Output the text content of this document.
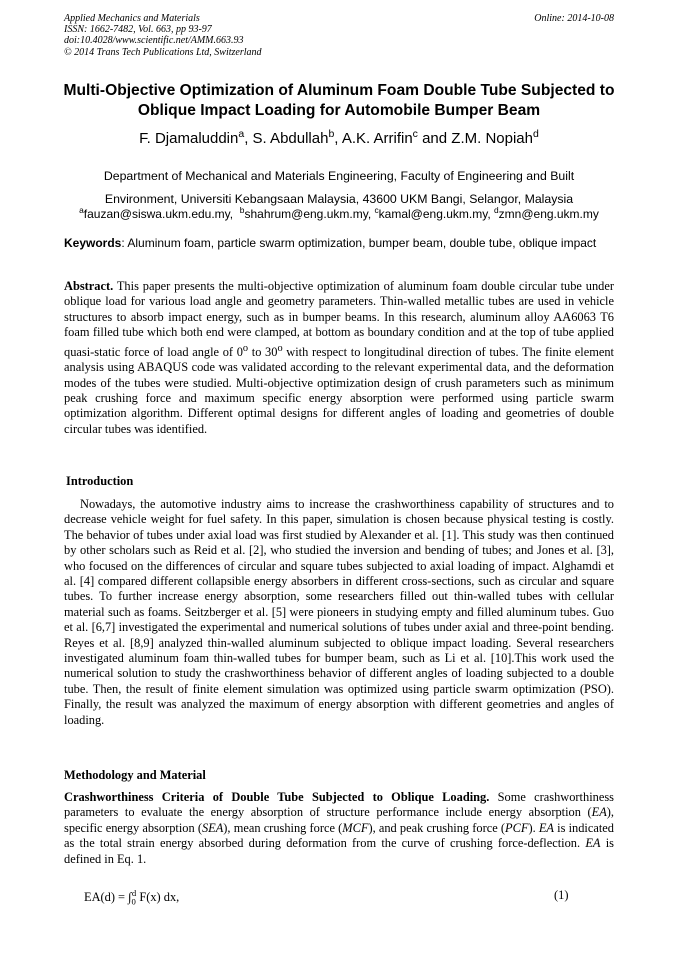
Applied Mechanics and Materials
ISSN: 1662-7482, Vol. 663, pp 93-97
doi:10.4028/www.scientific.net/AMM.663.93
© 2014 Trans Tech Publications Ltd, Switzerland
Online: 2014-10-08
Multi-Objective Optimization of Aluminum Foam Double Tube Subjected to Oblique Impact Loading for Automobile Bumper Beam
F. Djamaluddin$^a$, S. Abdullah$^b$, A.K. Arrifin$^c$ and Z.M. Nopiah$^d$
Department of Mechanical and Materials Engineering, Faculty of Engineering and Built
Environment, Universiti Kebangsaan Malaysia, 43600 UKM Bangi, Selangor, Malaysia
$^a$fauzan@siswa.ukm.edu.my,  $^b$shahrum@eng.ukm.my, $^c$kamal@eng.ukm.my, $^d$zmn@eng.ukm.my
Keywords: Aluminum foam, particle swarm optimization, bumper beam, double tube, oblique impact
Abstract. This paper presents the multi-objective optimization of aluminum foam double circular tube under oblique load for various load angle and geometry parameters. Thin-walled metallic tubes are used in vehicle structures to absorb impact energy, such as in bumper beams. In this research, aluminum alloy AA6063 T6 foam filled tube which both end were clamped, at bottom as boundary condition and at the top of tube applied quasi-static force of load angle of 0$^o$ to 30$^o$ with respect to longitudinal direction of tubes. The finite element analysis using ABAQUS code was validated according to the relevant experimental data, and the deformation modes of the tubes were studied. Multi-objective optimization design of crush parameters such as minimum peak crushing force and maximum specific energy absorption were performed using particle swarm optimization algorithm. Different optimal designs for different angles of loading and geometries of double circular tubes was identified.
Introduction
Nowadays, the automotive industry aims to increase the crashworthiness capability of structures and to decrease vehicle weight for fuel safety. In this paper, simulation is chosen because physical testing is costly. The behavior of tubes under axial load was first studied by Alexander et al. [1]. This study was then continued by other scholars such as Reid et al. [2], who studied the inversion and bending of tubes; and Jones et al. [3], who focused on the differences of circular and square tubes subjected to axial loading of impact. Alghamdi et al. [4] compared different collapsible energy absorbers in different cross-sections, such as circular and square tubes. To further increase energy absorption, some researchers filled out thin-walled tubes with cellular material such as foams. Seitzberger et al. [5] were pioneers in studying empty and filled aluminum tubes. Guo et al. [6,7] investigated the experimental and numerical solutions of tubes under axial and three-point bending. Reyes et al. [8,9] analyzed thin-walled aluminum subjected to oblique impact loading. Several researchers investigated aluminum foam thin-walled tubes for bumper beam, such as Li et al. [10].This work used the numerical solution to study the crashworthiness behavior of different angles of loading subjected to a double tube. Then, the result of finite element simulation was optimized using particle swarm optimization (PSO). Finally, the result was analyzed the maximum of energy absorption with different geometries and angles of loading.
Methodology and Material
Crashworthiness Criteria of Double Tube Subjected to Oblique Loading. Some crashworthiness parameters to evaluate the energy absorption of structure performance include energy absorption (EA), specific energy absorption (SEA), mean crushing force (MCF), and peak crushing force (PCF). EA is indicated as the total strain energy absorbed during deformation from the curve of crushing force-deflection. EA is defined in Eq. 1.
$EA(d) = \int_0^d$ F(x) dx,	(1)
